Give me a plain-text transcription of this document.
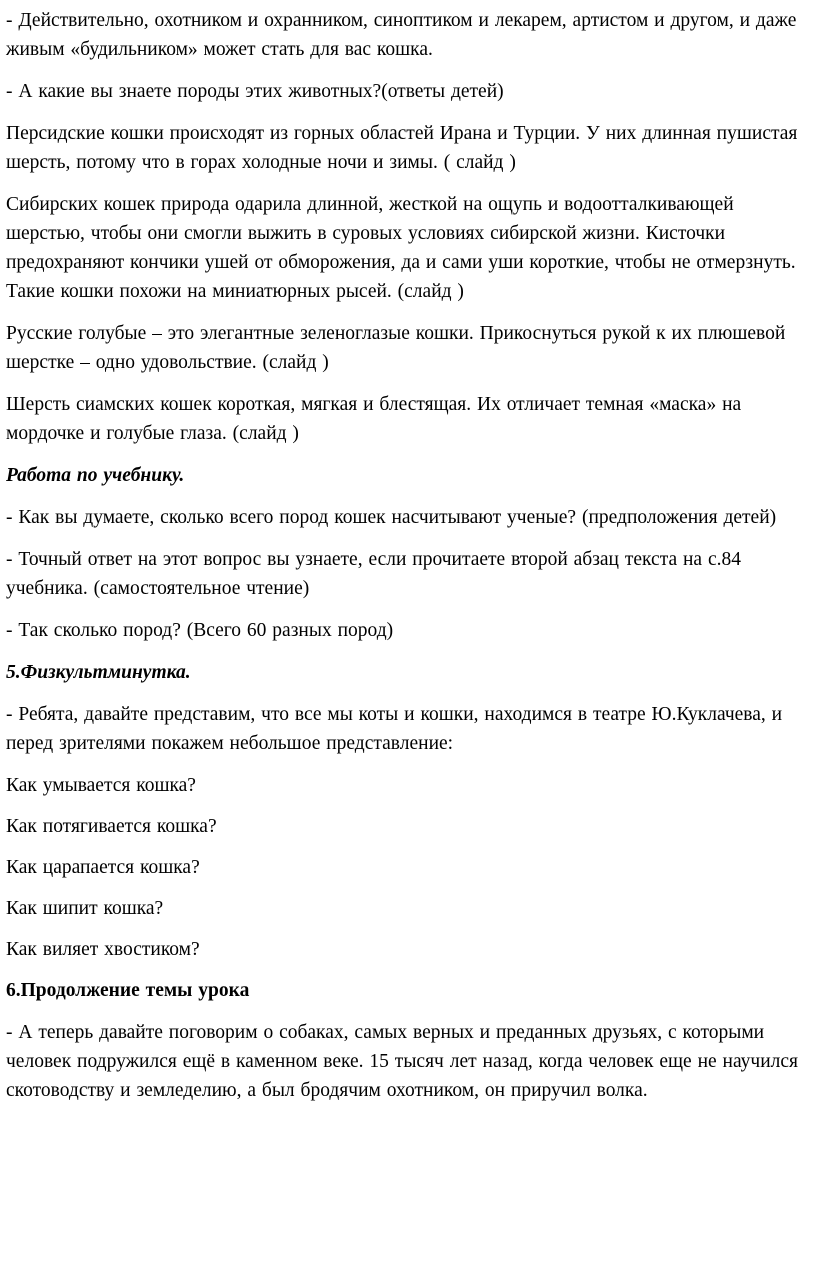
- Действительно, охотником и охранником, синоптиком и лекарем, артистом и другом, и даже живым «будильником» может стать для вас кошка.

- А какие вы знаете породы этих животных?(ответы детей)

Персидские кошки происходят из горных областей Ирана и Турции. У них длинная пушистая шерсть, потому что в горах холодные ночи и зимы. ( слайд )

Сибирских кошек природа одарила длинной, жесткой на ощупь и водоотталкивающей шерстью, чтобы они смогли выжить в суровых условиях сибирской жизни. Кисточки предохраняют кончики ушей от обморожения, да и сами уши короткие, чтобы не отмерзнуть. Такие кошки похожи на миниатюрных рысей. (слайд )

Русские голубые – это элегантные зеленоглазые кошки. Прикоснуться рукой к их плюшевой шерстке – одно удовольствие. (слайд )

Шерсть сиамских кошек короткая, мягкая и блестящая. Их отличает темная «маска» на мордочке и голубые глаза. (слайд )

Работа по учебнику.

- Как вы думаете, сколько всего пород кошек насчитывают ученые? (предположения детей)

- Точный ответ на этот вопрос вы узнаете, если прочитаете второй абзац текста на с.84 учебника. (самостоятельное чтение)

- Так сколько пород? (Всего 60 разных пород)

5.Физкультминутка.

- Ребята, давайте представим, что все мы коты и кошки, находимся в театре Ю.Куклачева, и перед зрителями покажем небольшое представление:

Как умывается кошка?

Как потягивается кошка?

Как царапается кошка?

Как шипит кошка?

Как виляет хвостиком?

6.Продолжение темы урока

- А теперь давайте поговорим о собаках, самых верных и преданных друзьях, с которыми человек подружился ещё в каменном веке. 15 тысяч лет назад, когда человек еще не научился скотоводству и земледелию, а был бродячим охотником, он приручил волка.
